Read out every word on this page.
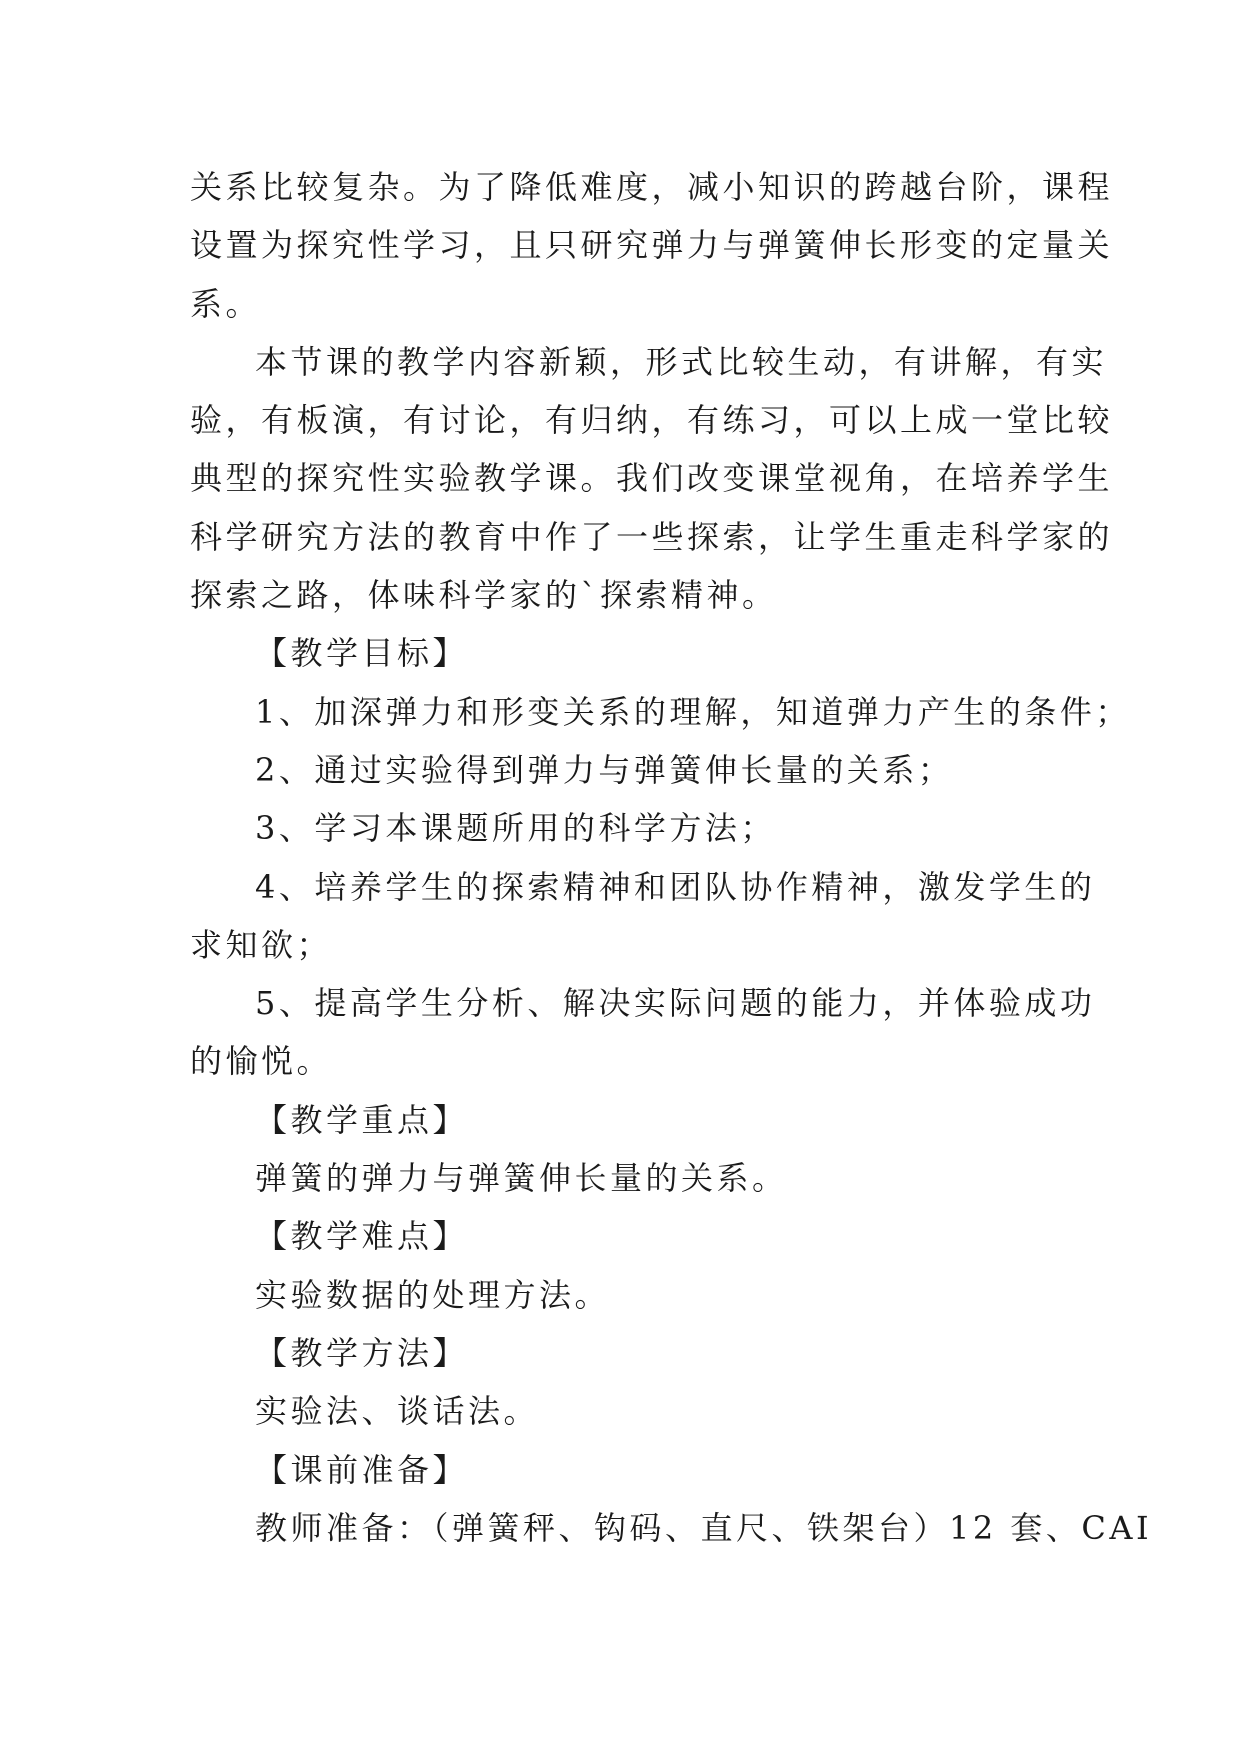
关系比较复杂。为了降低难度，减小知识的跨越台阶，课程
设置为探究性学习，且只研究弹力与弹簧伸长形变的定量关
系。
本节课的教学内容新颖，形式比较生动，有讲解，有实
验，有板演，有讨论，有归纳，有练习，可以上成一堂比较
典型的探究性实验教学课。我们改变课堂视角，在培养学生
科学研究方法的教育中作了一些探索，让学生重走科学家的
探索之路，体味科学家的`探索精神。
【教学目标】
1、加深弹力和形变关系的理解，知道弹力产生的条件；
2、通过实验得到弹力与弹簧伸长量的关系；
3、学习本课题所用的科学方法；
4、培养学生的探索精神和团队协作精神，激发学生的
求知欲；
5、提高学生分析、解决实际问题的能力，并体验成功
的愉悦。
【教学重点】
弹簧的弹力与弹簧伸长量的关系。
【教学难点】
实验数据的处理方法。
【教学方法】
实验法、谈话法。
【课前准备】
教师准备：（弹簧秤、钩码、直尺、铁架台）12 套、CAI
